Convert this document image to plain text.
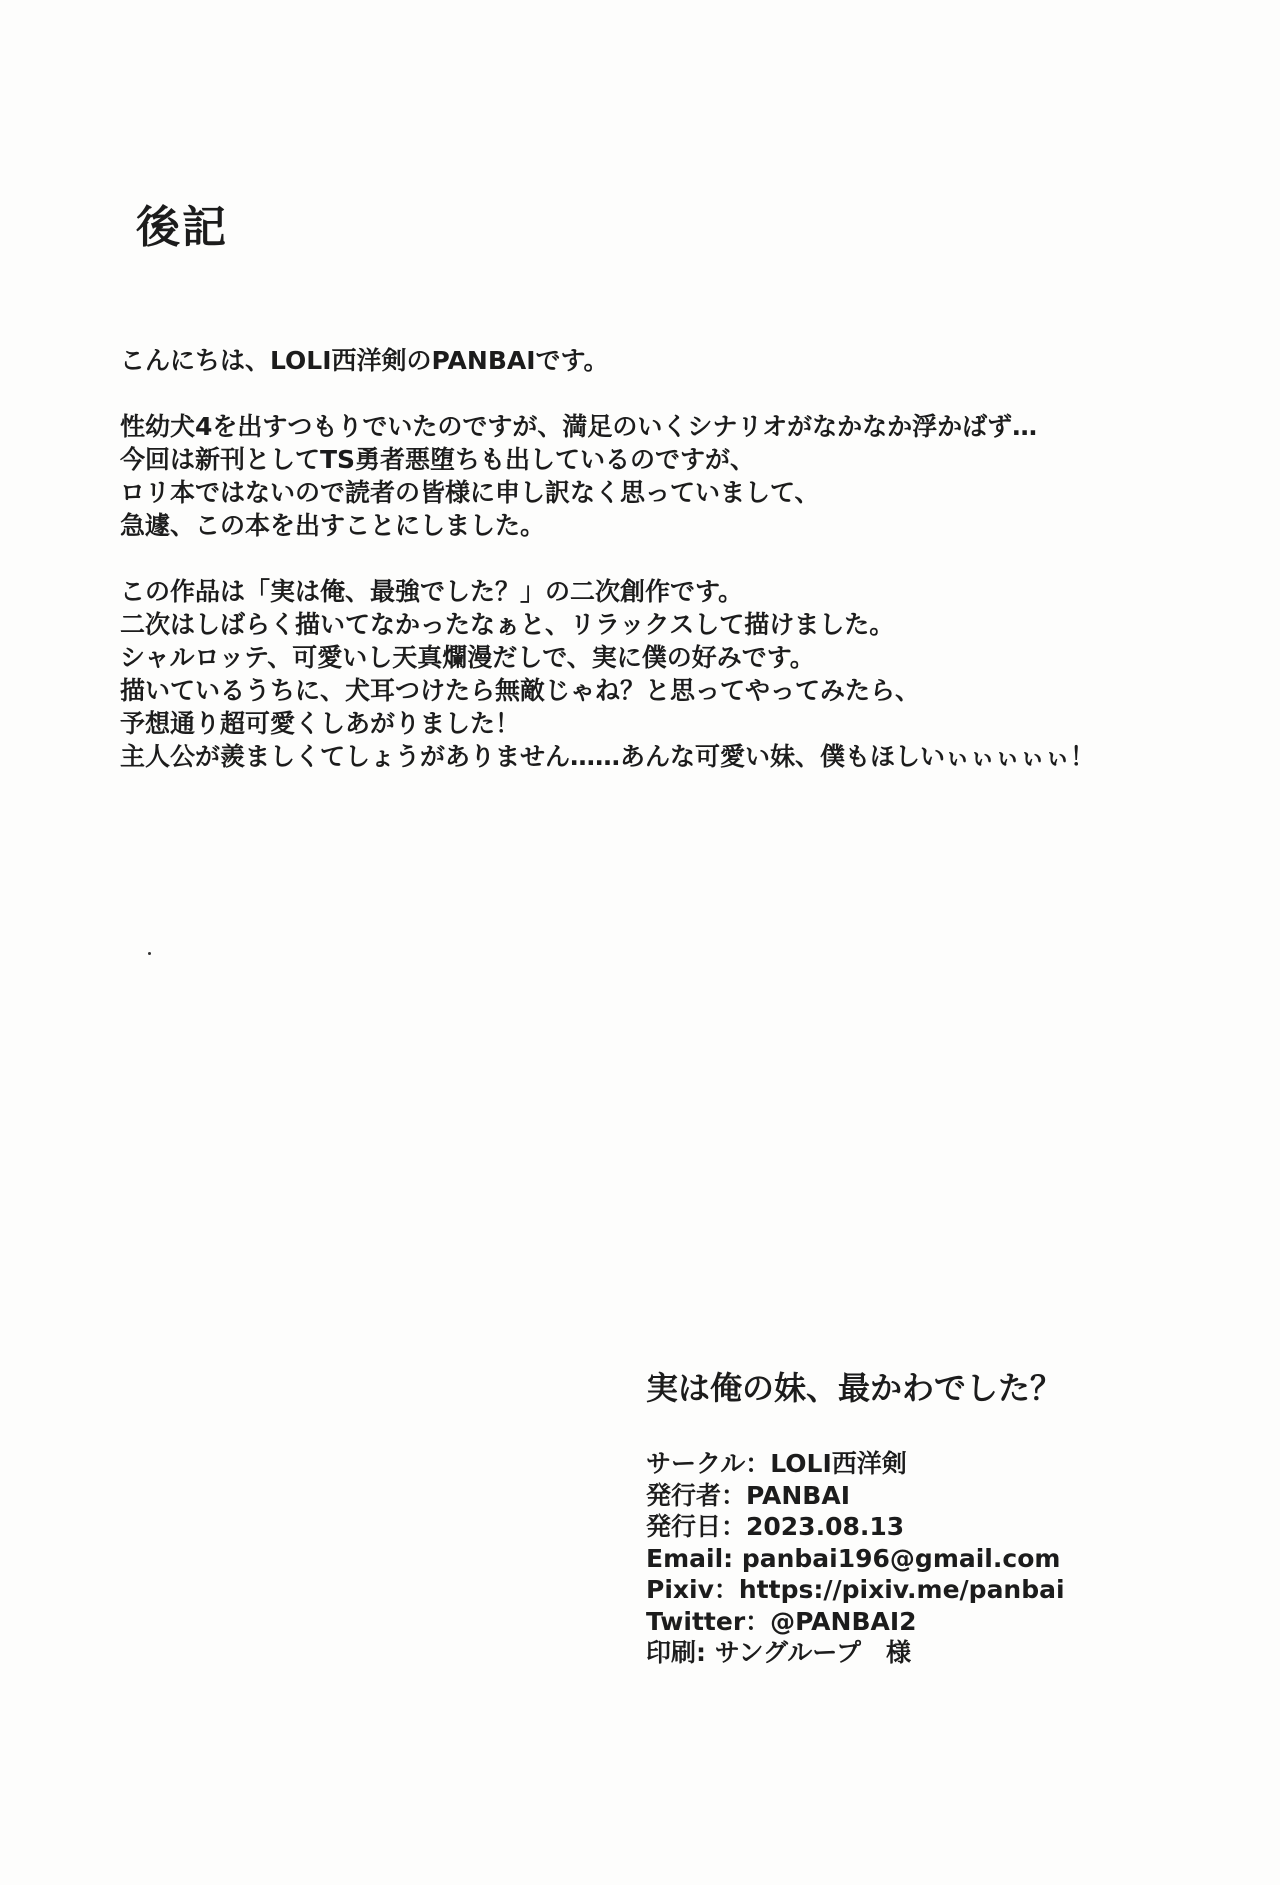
後記
こんにちは、LOLI西洋剣のPANBAIです。
性幼犬4を出すつもりでいたのですが、満足のいくシナリオがなかなか浮かばず…
今回は新刊としてTS勇者悪堕ちも出しているのですが、
ロリ本ではないので読者の皆様に申し訳なく思っていまして、
急遽、この本を出すことにしました。
この作品は「実は俺、最強でした？」の二次創作です。
二次はしばらく描いてなかったなぁと、リラックスして描けました。
シャルロッテ、可愛いし天真爛漫だしで、実に僕の好みです。
描いているうちに、犬耳つけたら無敵じゃね？と思ってやってみたら、
予想通り超可愛くしあがりました！
主人公が羨ましくてしょうがありません……あんな可愛い妹、僕もほしいぃぃぃぃぃ！
実は俺の妹、最かわでした？
サークル：LOLI西洋剣
発行者：PANBAI
発行日：2023.08.13
Email: panbai196@gmail.com
Pixiv：https://pixiv.me/panbai
Twitter：@PANBAI2
印刷: サングループ　様
